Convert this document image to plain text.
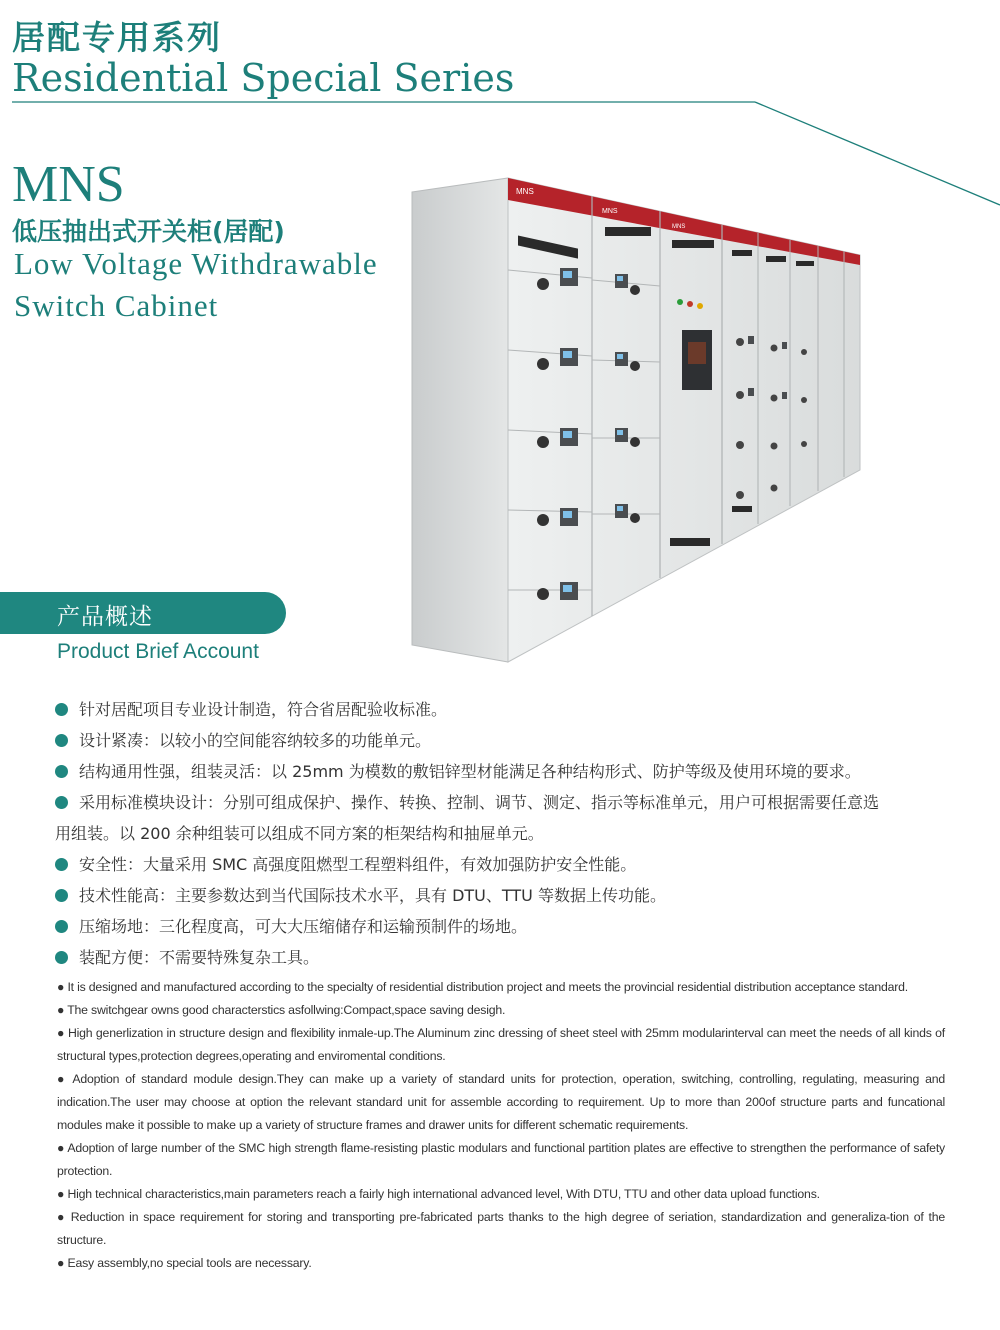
居配专用系列
Residential Special Series
MNS
低压抽出式开关柜(居配)
Low Voltage Withdrawable
Switch Cabinet
MNS
MNS
MNS
产品概述
Product Brief Account
针对居配项目专业设计制造，符合省居配验收标准。
设计紧凑：以较小的空间能容纳较多的功能单元。
结构通用性强，组装灵活：以 25mm 为模数的敷铝锌型材能满足各种结构形式、防护等级及使用环境的要求。
采用标准模块设计：分别可组成保护、操作、转换、控制、调节、测定、指示等标准单元，用户可根据需要任意选
用组装。以 200 余种组装可以组成不同方案的柜架结构和抽屉单元。
安全性：大量采用 SMC 高强度阻燃型工程塑料组件，有效加强防护安全性能。
技术性能高：主要参数达到当代国际技术水平，具有 DTU、TTU 等数据上传功能。
压缩场地：三化程度高，可大大压缩储存和运输预制件的场地。
装配方便：不需要特殊复杂工具。

● It is designed and manufactured according to the specialty of residential distribution project and meets the provincial residential distribution acceptance standard.

● The switchgear owns good characterstics asfollwing:Compact,space saving desigh.

● High generlization in structure design and flexibility inmale-up.The Aluminum zinc dressing of sheet steel with 25mm modularinterval can meet the needs of all kinds of structural types,protection degrees,operating and enviromental conditions.

● Adoption of standard module design.They can make up a variety of standard units for protection, operation, switching, controlling, regulating, measuring and indication.The user may choose at option the relevant standard unit for assemble according to requirement. Up to more than 200of structure parts and funcational modules make it possible to make up a variety of structure frames and drawer units for different schematic requirements.

● Adoption of large number of the SMC high strength flame-resisting plastic modulars and functional partition plates are effective to strengthen the performance of safety protection.

● High technical characteristics,main parameters reach a fairly high international advanced level, With DTU, TTU and other data upload functions.

● Reduction in space requirement for storing and transporting pre-fabricated parts thanks to the high degree of seriation, standardization and generaliza-tion of the structure.

● Easy assembly,no special tools are necessary.
